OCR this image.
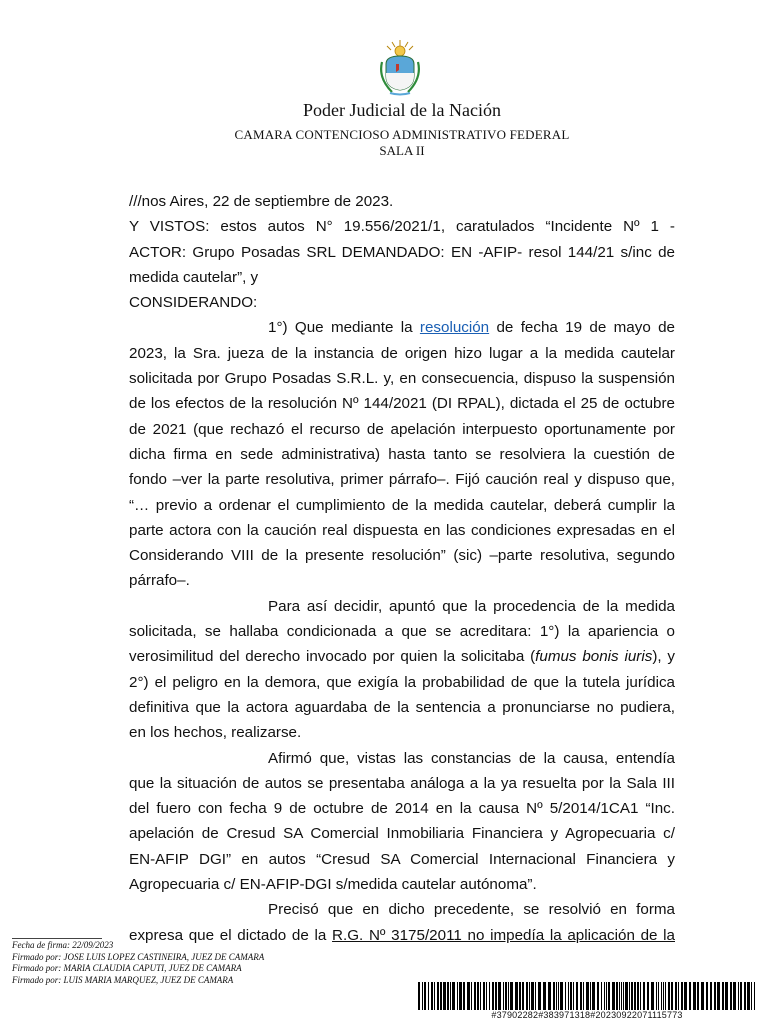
Poder Judicial de la Nación
CAMARA CONTENCIOSO ADMINISTRATIVO FEDERAL
SALA II
///nos Aires, 22 de septiembre de 2023.
Y VISTOS: estos autos N° 19.556/2021/1, caratulados “Incidente Nº 1 -
ACTOR: Grupo Posadas SRL DEMANDADO: EN -AFIP- resol 144/21 s/inc de
medida cautelar”, y
CONSIDERANDO:
1°) Que mediante la resolución de fecha 19 de mayo de
2023, la Sra. jueza de la instancia de origen hizo lugar a la medida cautelar
solicitada por Grupo Posadas S.R.L. y, en consecuencia, dispuso la suspensión
de los efectos de la resolución Nº 144/2021 (DI RPAL), dictada el 25 de octubre
de 2021 (que rechazó el recurso de apelación interpuesto oportunamente por
dicha firma en sede administrativa) hasta tanto se resolviera la cuestión de
fondo –ver la parte resolutiva, primer párrafo–. Fijó caución real y dispuso que,
“… previo a ordenar el cumplimiento de la medida cautelar, deberá cumplir la
parte actora con la caución real dispuesta en las condiciones expresadas en el
Considerando VIII de la presente resolución” (sic) –parte resolutiva, segundo
párrafo–.
Para así decidir, apuntó que la procedencia de la medida
solicitada, se hallaba condicionada a que se acreditara: 1°) la apariencia o
verosimilitud del derecho invocado por quien la solicitaba (fumus bonis iuris), y
2°) el peligro en la demora, que exigía la probabilidad de que la tutela jurídica
definitiva que la actora aguardaba de la sentencia a pronunciarse no pudiera,
en los hechos, realizarse.
Afirmó que, vistas las constancias de la causa, entendía
que la situación de autos se presentaba análoga a la ya resuelta por la Sala III
del fuero con fecha 9 de octubre de 2014 en la causa Nº 5/2014/1CA1 “Inc.
apelación de Cresud SA Comercial Inmobiliaria Financiera y Agropecuaria c/
EN-AFIP DGI” en autos “Cresud SA Comercial Internacional Financiera y
Agropecuaria c/ EN-AFIP-DGI s/medida cautelar autónoma”.
Precisó que en dicho precedente, se resolvió en forma
expresa que el dictado de la R.G. Nº 3175/2011 no impedía la aplicación de la
Fecha de firma: 22/09/2023
Firmado por: JOSE LUIS LOPEZ CASTINEIRA, JUEZ DE CAMARA
Firmado por: MARIA CLAUDIA CAPUTI, JUEZ DE CAMARA
Firmado por: LUIS MARIA MARQUEZ, JUEZ DE CAMARA
#37902282#383971318#20230922071115773
